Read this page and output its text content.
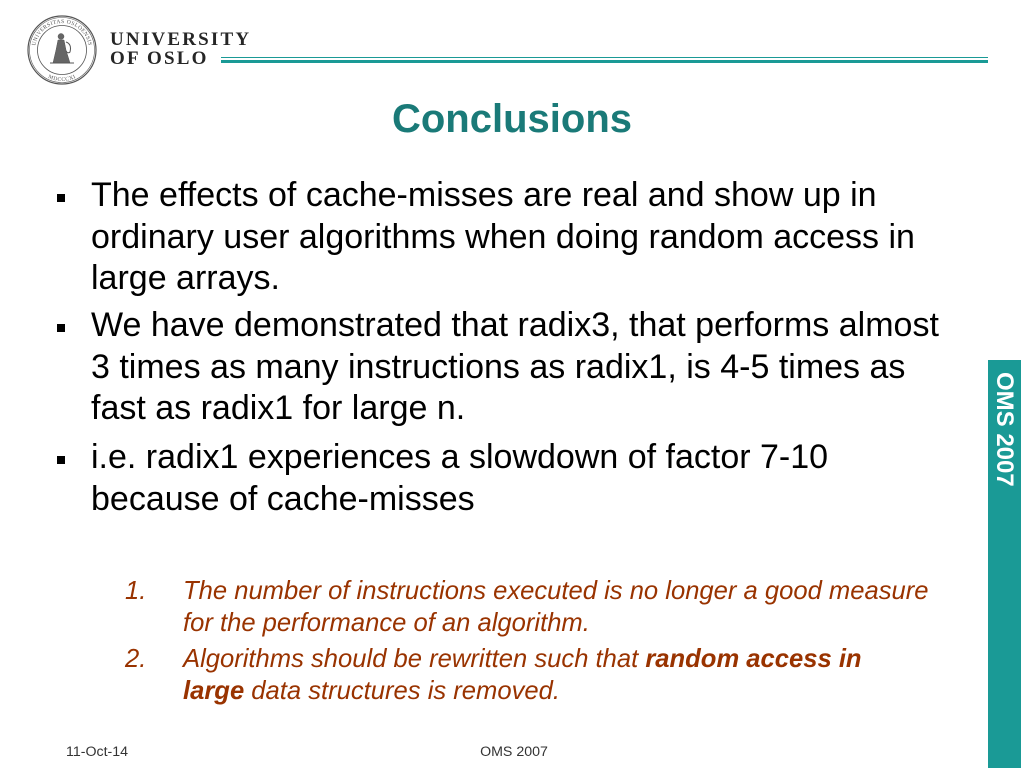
UNIVERSITAS OSLOENSIS
MDCCCXI
UNIVERSITY
OF OSLO
Conclusions
The effects of cache-misses are real and show up in
ordinary user algorithms when doing random access in
large arrays.
We have demonstrated that radix3, that performs almost
3 times as many instructions as radix1, is 4-5 times as
fast as radix1 for large n.
i.e. radix1 experiences a slowdown of factor 7-10
because of cache-misses
1. The number of instructions executed is no longer a good measure
for the performance of an algorithm.
2. Algorithms should be rewritten such that random access in
large data structures is removed.
OMS 2007
11-Oct-14	OMS 2007
